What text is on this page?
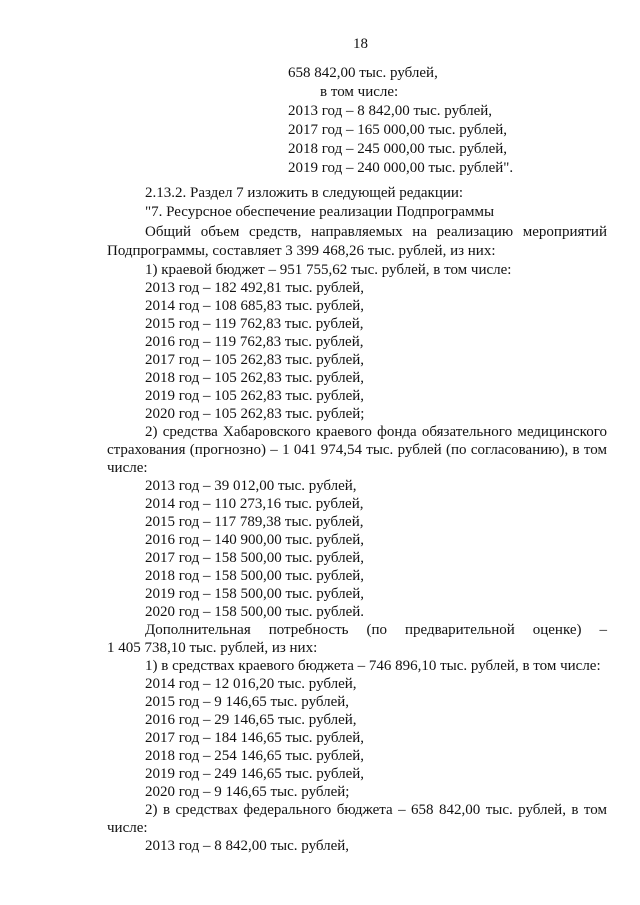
18
658 842,00 тыс. рублей,
в том числе:
2013 год – 8 842,00 тыс. рублей,
2017 год – 165 000,00 тыс. рублей,
2018 год – 245 000,00 тыс. рублей,
2019 год – 240 000,00 тыс. рублей".
2.13.2. Раздел 7 изложить в следующей редакции:
"7. Ресурсное обеспечение реализации Подпрограммы
Общий объем средств, направляемых на реализацию мероприятий
Подпрограммы, составляет 3 399 468,26 тыс. рублей, из них:
1) краевой бюджет – 951 755,62 тыс. рублей, в том числе:
2013 год – 182 492,81 тыс. рублей,
2014 год – 108 685,83 тыс. рублей,
2015 год – 119 762,83 тыс. рублей,
2016 год – 119 762,83 тыс. рублей,
2017 год – 105 262,83 тыс. рублей,
2018 год – 105 262,83 тыс. рублей,
2019 год – 105 262,83 тыс. рублей,
2020 год – 105 262,83 тыс. рублей;
2) средства Хабаровского краевого фонда обязательного медицинского
страхования (прогнозно) – 1 041 974,54 тыс. рублей (по согласованию), в том
числе:
2013 год – 39 012,00 тыс. рублей,
2014 год – 110 273,16 тыс. рублей,
2015 год – 117 789,38 тыс. рублей,
2016 год – 140 900,00 тыс. рублей,
2017 год – 158 500,00 тыс. рублей,
2018 год – 158 500,00 тыс. рублей,
2019 год – 158 500,00 тыс. рублей,
2020 год – 158 500,00 тыс. рублей.
Дополнительная потребность (по предварительной оценке) –
1 405 738,10 тыс. рублей, из них:
1) в средствах краевого бюджета – 746 896,10 тыс. рублей, в том числе:
2014 год – 12 016,20 тыс. рублей,
2015 год – 9 146,65 тыс. рублей,
2016 год – 29 146,65 тыс. рублей,
2017 год – 184 146,65 тыс. рублей,
2018 год – 254 146,65 тыс. рублей,
2019 год – 249 146,65 тыс. рублей,
2020 год – 9 146,65 тыс. рублей;
2) в средствах федерального бюджета – 658 842,00 тыс. рублей, в том
числе:
2013 год – 8 842,00 тыс. рублей,
